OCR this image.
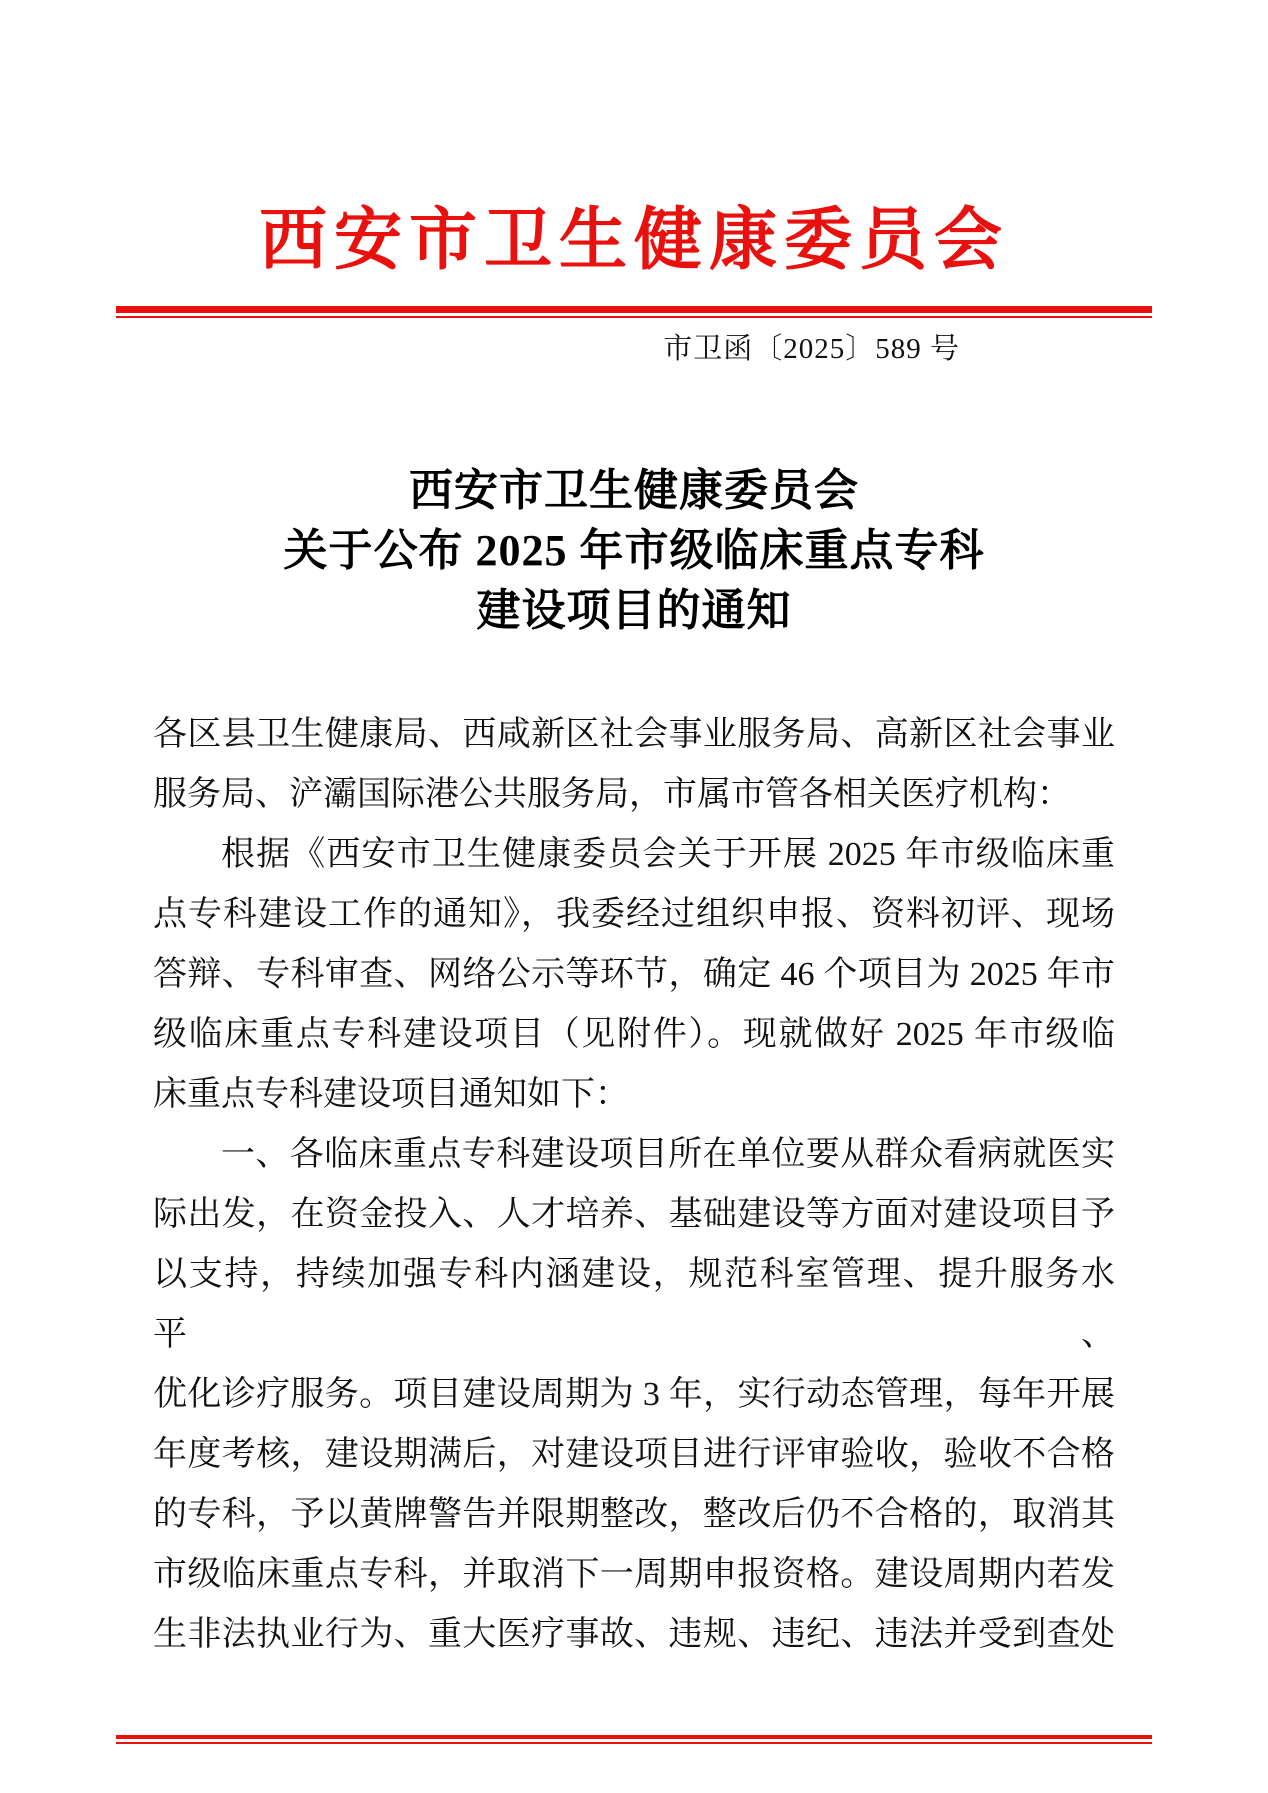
西安市卫生健康委员会
市卫函〔2025〕589 号
西安市卫生健康委员会
关于公布 2025 年市级临床重点专科
建设项目的通知
各区县卫生健康局、西咸新区社会事业服务局、高新区社会事业
服务局、浐灞国际港公共服务局，市属市管各相关医疗机构：
根据《西安市卫生健康委员会关于开展 2025 年市级临床重
点专科建设工作的通知》，我委经过组织申报、资料初评、现场
答辩、专科审查、网络公示等环节，确定 46 个项目为 2025 年市
级临床重点专科建设项目（见附件）。现就做好 2025 年市级临
床重点专科建设项目通知如下：
一、各临床重点专科建设项目所在单位要从群众看病就医实
际出发，在资金投入、人才培养、基础建设等方面对建设项目予
以支持，持续加强专科内涵建设，规范科室管理、提升服务水平、
优化诊疗服务。项目建设周期为 3 年，实行动态管理，每年开展
年度考核，建设期满后，对建设项目进行评审验收，验收不合格
的专科，予以黄牌警告并限期整改，整改后仍不合格的，取消其
市级临床重点专科，并取消下一周期申报资格。建设周期内若发
生非法执业行为、重大医疗事故、违规、违纪、违法并受到查处
